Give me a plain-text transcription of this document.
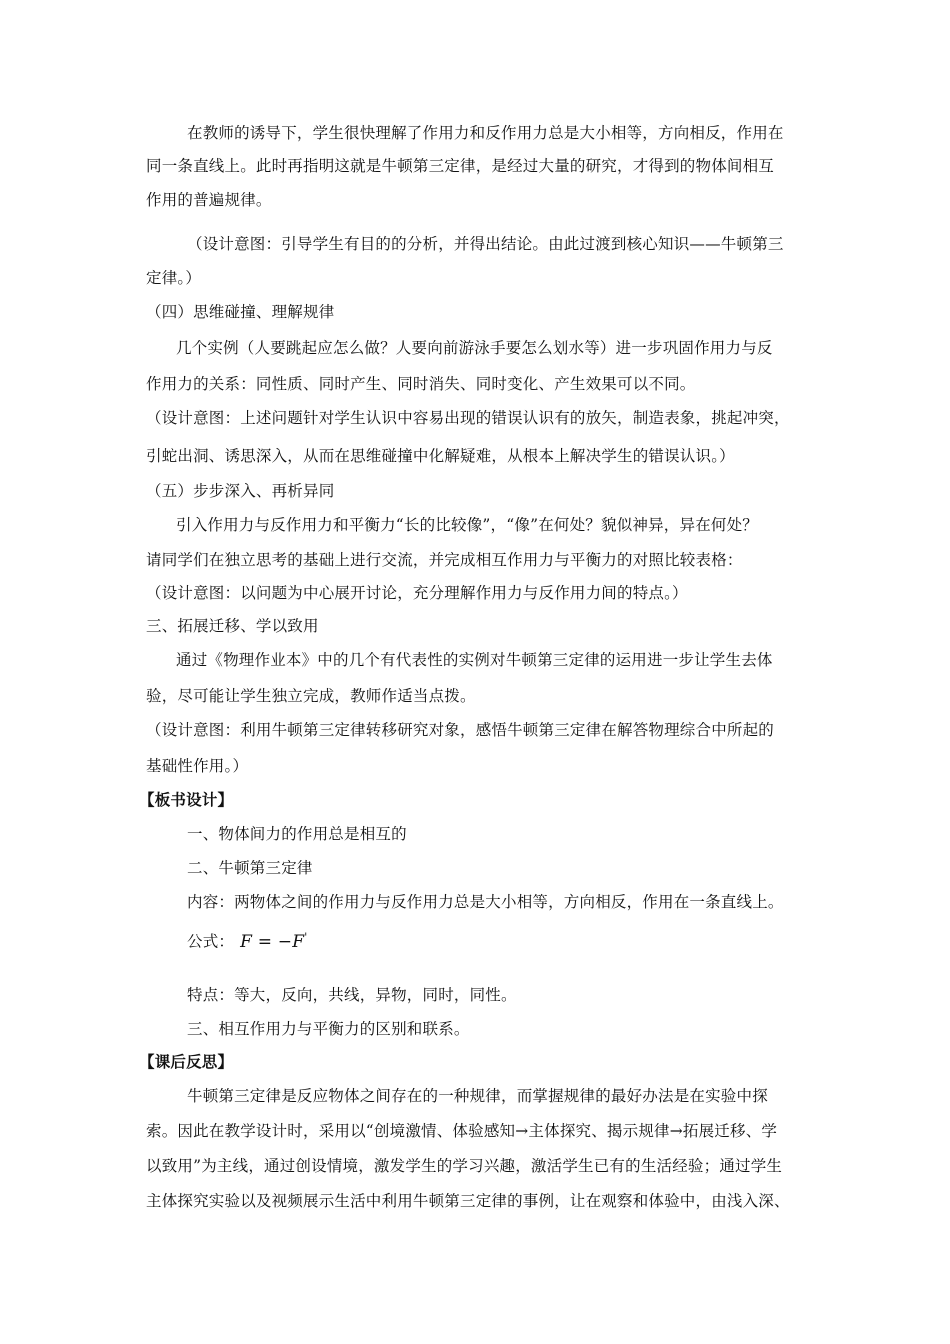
在教师的诱导下，学生很快理解了作用力和反作用力总是大小相等，方向相反，作用在
同一条直线上。此时再指明这就是牛顿第三定律，是经过大量的研究，才得到的物体间相互
作用的普遍规律。
（设计意图：引导学生有目的的分析，并得出结论。由此过渡到核心知识——牛顿第三
定律。）
（四）思维碰撞、理解规律
几个实例（人要跳起应怎么做？人要向前游泳手要怎么划水等）进一步巩固作用力与反
作用力的关系：同性质、同时产生、同时消失、同时变化、产生效果可以不同。
（设计意图：上述问题针对学生认识中容易出现的错误认识有的放矢，制造表象，挑起冲突，
引蛇出洞、诱思深入，从而在思维碰撞中化解疑难，从根本上解决学生的错误认识。）
（五）步步深入、再析异同
引入作用力与反作用力和平衡力“长的比较像”，“像”在何处？貌似神异，异在何处？
请同学们在独立思考的基础上进行交流，并完成相互作用力与平衡力的对照比较表格：
（设计意图：以问题为中心展开讨论，充分理解作用力与反作用力间的特点。）
三、拓展迁移、学以致用
通过《物理作业本》中的几个有代表性的实例对牛顿第三定律的运用进一步让学生去体
验，尽可能让学生独立完成，教师作适当点拨。
（设计意图：利用牛顿第三定律转移研究对象，感悟牛顿第三定律在解答物理综合中所起的
基础性作用。）
【板书设计】
一、物体间力的作用总是相互的
二、牛顿第三定律
内容：两物体之间的作用力与反作用力总是大小相等，方向相反，作用在一条直线上。
公式： F = −F'
特点：等大，反向，共线，异物，同时，同性。
三、相互作用力与平衡力的区别和联系。
【课后反思】
牛顿第三定律是反应物体之间存在的一种规律，而掌握规律的最好办法是在实验中探
索。因此在教学设计时，采用以“创境激情、体验感知→主体探究、揭示规律→拓展迁移、学
以致用”为主线，通过创设情境，激发学生的学习兴趣，激活学生已有的生活经验；通过学生
主体探究实验以及视频展示生活中利用牛顿第三定律的事例，让在观察和体验中，由浅入深、
